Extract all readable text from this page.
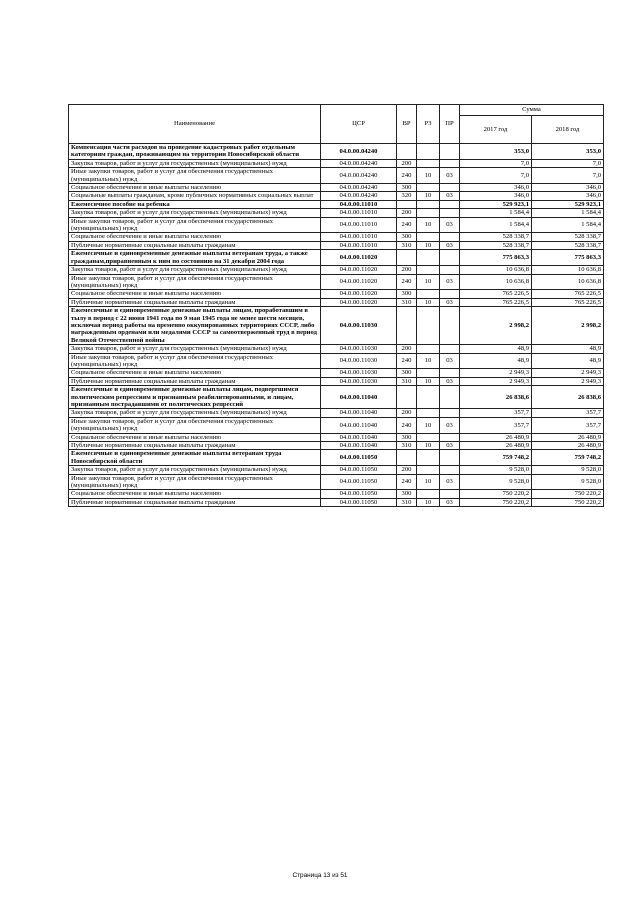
Наименование	ЦСР	ВР	РЗ	ПР	Сумма	
					2017 год	2018 год
Компенсация части расходов на проведение кадастровых работ отдельным категориям граждан, проживающим на территории Новосибирской области	04.0.00.04240				353,0	353,0
Закупка товаров, работ и услуг для государственных (муниципальных) нужд	04.0.00.04240	200			7,0	7,0
Иные закупки товаров, работ и услуг для обеспечения государственных (муниципальных) нужд	04.0.00.04240	240	10	03	7,0	7,0
Социальное обеспечение и иные выплаты населению	04.0.00.04240	300			346,0	346,0
Социальные выплаты гражданам, кроме публичных нормативных социальных выплат	04.0.00.04240	320	10	03	346,0	346,0
Ежемесячное пособие на ребенка	04.0.00.11010				529 923,1	529 923,1
Закупка товаров, работ и услуг для государственных (муниципальных) нужд	04.0.00.11010	200			1 584,4	1 584,4
Иные закупки товаров, работ и услуг для обеспечения государственных (муниципальных) нужд	04.0.00.11010	240	10	03	1 584,4	1 584,4
Социальное обеспечение и иные выплаты населению	04.0.00.11010	300			528 338,7	528 338,7
Публичные нормативные социальные выплаты гражданам	04.0.00.11010	310	10	03	528 338,7	528 338,7
Ежемесячные и единовременные денежные выплаты ветеранам труда, а также гражданам,приравненным к ним по состоянию на 31 декабря 2004 года	04.0.00.11020				775 863,3	775 863,3
Закупка товаров, работ и услуг для государственных (муниципальных) нужд	04.0.00.11020	200			10 636,8	10 636,8
Иные закупки товаров, работ и услуг для обеспечения государственных (муниципальных) нужд	04.0.00.11020	240	10	03	10 636,8	10 636,8
Социальное обеспечение и иные выплаты населению	04.0.00.11020	300			765 226,5	765 226,5
Публичные нормативные социальные выплаты гражданам	04.0.00.11020	310	10	03	765 226,5	765 226,5
Ежемесячные и единовременные денежные выплаты лицам, проработавшим в тылу в период с 22 июня 1941 года по 9 мая 1945 года не менее шести месяцев, исключая период работы на временно оккупированных территориях СССР, либо награжденным орденами или медалями СССР за самоотверженный труд в период Великой Отечественной войны	04.0.00.11030				2 998,2	2 998,2
Закупка товаров, работ и услуг для государственных (муниципальных) нужд	04.0.00.11030	200			48,9	48,9
Иные закупки товаров, работ и услуг для обеспечения государственных (муниципальных) нужд	04.0.00.11030	240	10	03	48,9	48,9
Социальное обеспечение и иные выплаты населению	04.0.00.11030	300			2 949,3	2 949,3
Публичные нормативные социальные выплаты гражданам	04.0.00.11030	310	10	03	2 949,3	2 949,3
Ежемесячные и единовременные денежные выплаты лицам, подвергшимся политическим репрессиям и признанным реабилитированными, и лицам, признанным пострадавшими от политических репрессий	04.0.00.11040				26 838,6	26 838,6
Закупка товаров, работ и услуг для государственных (муниципальных) нужд	04.0.00.11040	200			357,7	357,7
Иные закупки товаров, работ и услуг для обеспечения государственных (муниципальных) нужд	04.0.00.11040	240	10	03	357,7	357,7
Социальное обеспечение и иные выплаты населению	04.0.00.11040	300			26 480,9	26 480,9
Публичные нормативные социальные выплаты гражданам	04.0.00.11040	310	10	03	26 480,9	26 480,9
Ежемесячные и единовременные денежные выплаты ветеранам труда Новосибирской области	04.0.00.11050				759 748,2	759 748,2
Закупка товаров, работ и услуг для государственных (муниципальных) нужд	04.0.00.11050	200			9 528,0	9 528,0
Иные закупки товаров, работ и услуг для обеспечения государственных (муниципальных) нужд	04.0.00.11050	240	10	03	9 528,0	9 528,0
Социальное обеспечение и иные выплаты населению	04.0.00.11050	300			750 220,2	750 220,2
Публичные нормативные социальные выплаты гражданам	04.0.00.11050	310	10	03	750 220,2	750 220,2
Страница 13 из 51
